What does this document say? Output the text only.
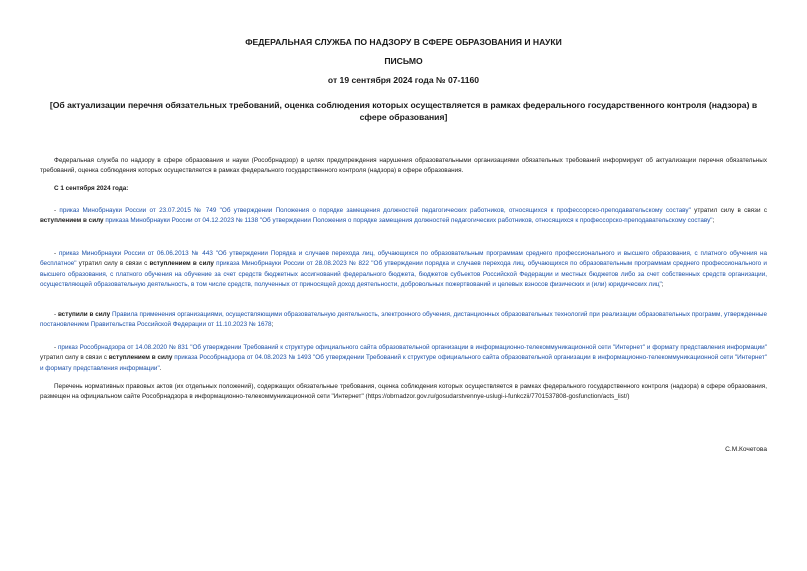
ФЕДЕРАЛЬНАЯ СЛУЖБА ПО НАДЗОРУ В СФЕРЕ ОБРАЗОВАНИЯ И НАУКИ
ПИСЬМО
от 19 сентября 2024 года № 07-1160
[Об актуализации перечня обязательных требований, оценка соблюдения которых осуществляется в рамках федерального государственного контроля (надзора) в сфере образования]
Федеральная служба по надзору в сфере образования и науки (Рособрнадзор) в целях предупреждения нарушения образовательными организациями обязательных требований информирует об актуализации перечня обязательных требований, оценка соблюдения которых осуществляется в рамках федерального государственного контроля (надзора) в сфере образования.
С 1 сентября 2024 года:
- приказ Минобрнауки России от 23.07.2015 № 749 "Об утверждении Положения о порядке замещения должностей педагогических работников, относящихся к профессорско-преподавательскому составу" утратил силу в связи с вступлением в силу приказа Минобрнауки России от 04.12.2023 № 1138 "Об утверждении Положения о порядке замещения должностей педагогических работников, относящихся к профессорско-преподавательскому составу";
- приказ Минобрнауки России от 06.06.2013 № 443 "Об утверждении Порядка и случаев перехода лиц, обучающихся по образовательным программам среднего профессионального и высшего образования, с платного обучения на бесплатное" утратил силу в связи с вступлением в силу приказа Минобрнауки России от 28.08.2023 № 822 "Об утверждении порядка и случаев перехода лиц, обучающихся по образовательным программам среднего профессионального и высшего образования, с платного обучения на обучение за счет средств бюджетных ассигнований федерального бюджета, бюджетов субъектов Российской Федерации и местных бюджетов либо за счет собственных средств организации, осуществляющей образовательную деятельность, в том числе средств, полученных от приносящей доход деятельности, добровольных пожертвований и целевых взносов физических и (или) юридических лиц";
- вступили в силу Правила применения организациями, осуществляющими образовательную деятельность, электронного обучения, дистанционных образовательных технологий при реализации образовательных программ, утвержденные постановлением Правительства Российской Федерации от 11.10.2023 № 1678;
- приказ Рособрнадзора от 14.08.2020 № 831 "Об утверждении Требований к структуре официального сайта образовательной организации в информационно-телекоммуникационной сети "Интернет" и формату представления информации" утратил силу в связи с вступлением в силу приказа Рособрнадзора от 04.08.2023 № 1493 "Об утверждении Требований к структуре официального сайта образовательной организации в информационно-телекоммуникационной сети "Интернет" и формату представления информации".
Перечень нормативных правовых актов (их отдельных положений), содержащих обязательные требования, оценка соблюдения которых осуществляется в рамках федерального государственного контроля (надзора) в сфере образования, размещен на официальном сайте Рособрнадзора в информационно-телекоммуникационной сети "Интернет" (https://obrnadzor.gov.ru/gosudarstvennye-uslugi-i-funkczii/7701537808-gosfunction/acts_list/)
С.М.Кочетова
